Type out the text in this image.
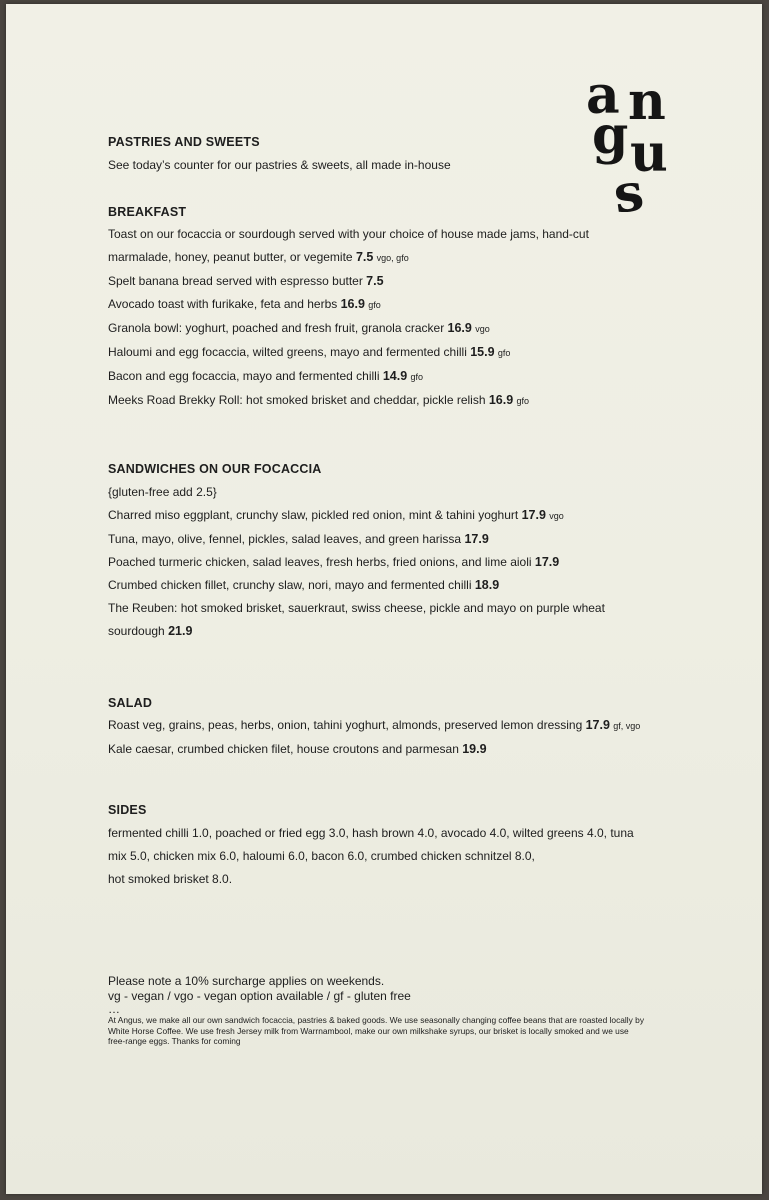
a n
g u
s
PASTRIES AND SWEETS
See today’s counter for our pastries & sweets, all made in-house
BREAKFAST
Toast on our focaccia or sourdough served with your choice of house made jams, hand-cut
marmalade, honey, peanut butter, or vegemite 7.5 vgo, gfo
Spelt banana bread served with espresso butter 7.5
Avocado toast with furikake, feta and herbs 16.9 gfo
Granola bowl: yoghurt, poached and fresh fruit, granola cracker 16.9 vgo
Haloumi and egg focaccia, wilted greens, mayo and fermented chilli 15.9 gfo
Bacon and egg focaccia, mayo and fermented chilli 14.9 gfo
Meeks Road Brekky Roll: hot smoked brisket and cheddar, pickle relish 16.9 gfo
SANDWICHES ON OUR FOCACCIA
{gluten-free add 2.5}
Charred miso eggplant, crunchy slaw, pickled red onion, mint & tahini yoghurt 17.9 vgo
Tuna, mayo, olive, fennel, pickles, salad leaves, and green harissa 17.9
Poached turmeric chicken, salad leaves, fresh herbs, fried onions, and lime aioli 17.9
Crumbed chicken fillet, crunchy slaw, nori, mayo and fermented chilli 18.9
The Reuben: hot smoked brisket, sauerkraut, swiss cheese, pickle and mayo on purple wheat
sourdough 21.9
SALAD
Roast veg, grains, peas, herbs, onion, tahini yoghurt, almonds, preserved lemon dressing 17.9 gf, vgo
Kale caesar, crumbed chicken filet, house croutons and parmesan 19.9
SIDES
fermented chilli 1.0, poached or fried egg 3.0, hash brown 4.0, avocado 4.0, wilted greens 4.0, tuna
mix 5.0, chicken mix 6.0, haloumi 6.0, bacon 6.0, crumbed chicken schnitzel 8.0,
hot smoked brisket 8.0.
Please note a 10% surcharge applies on weekends.
vg - vegan / vgo - vegan option available / gf - gluten free
…
At Angus, we make all our own sandwich focaccia, pastries & baked goods. We use seasonally changing coffee beans that are roasted locally by White Horse Coffee. We use fresh Jersey milk from Warrnambool, make our own milkshake syrups, our brisket is locally smoked and we use free-range eggs. Thanks for coming
